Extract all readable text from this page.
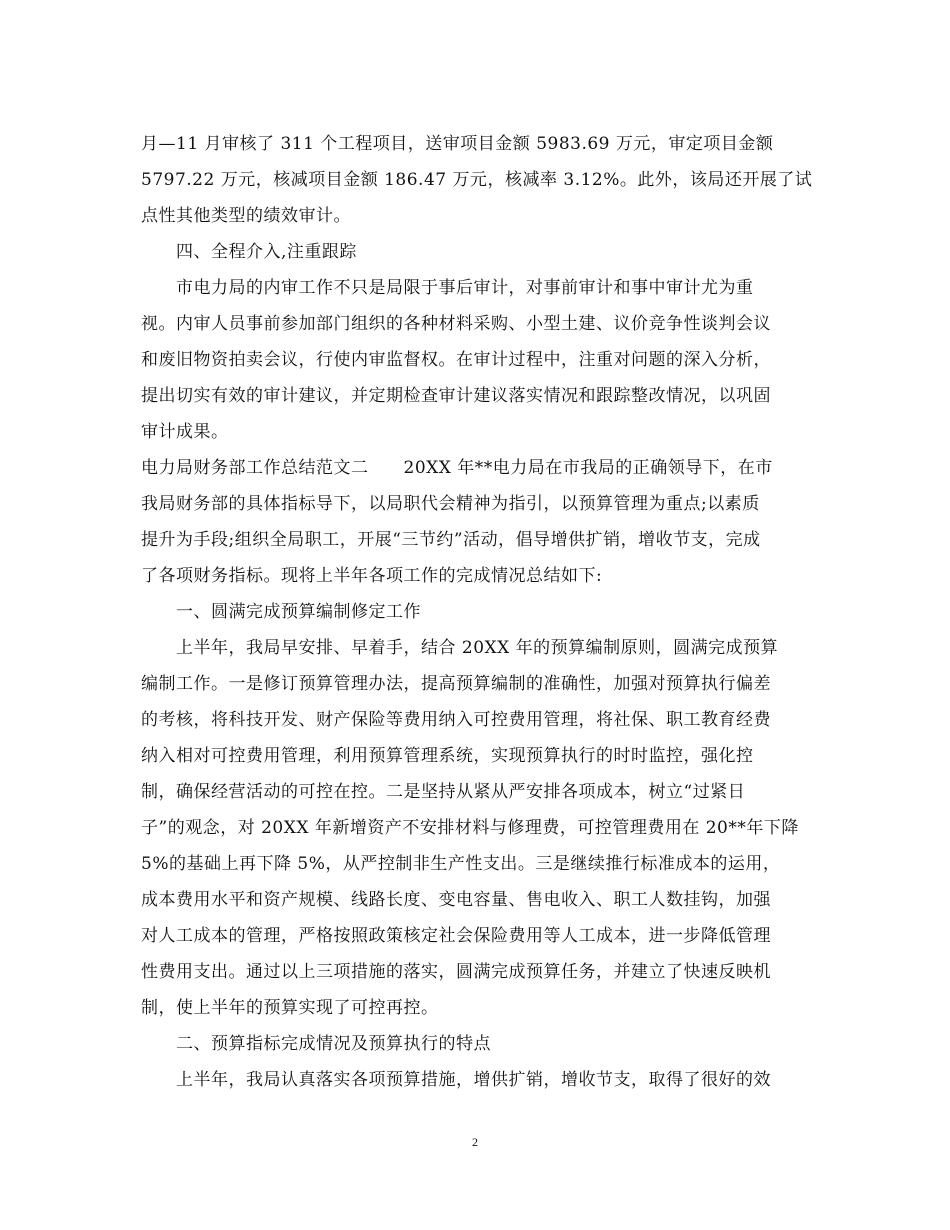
月—11 月审核了 311 个工程项目，送审项目金额 5983.69 万元，审定项目金额
5797.22 万元，核减项目金额 186.47 万元，核减率 3.12%。此外，该局还开展了试
点性其他类型的绩效审计。
四、全程介入,注重跟踪
市电力局的内审工作不只是局限于事后审计，对事前审计和事中审计尤为重
视。内审人员事前参加部门组织的各种材料采购、小型土建、议价竞争性谈判会议
和废旧物资拍卖会议，行使内审监督权。在审计过程中，注重对问题的深入分析，
提出切实有效的审计建议，并定期检查审计建议落实情况和跟踪整改情况，以巩固
审计成果。
电力局财务部工作总结范文二　　20XX 年**电力局在市我局的正确领导下，在市
我局财务部的具体指标导下，以局职代会精神为指引，以预算管理为重点;以素质
提升为手段;组织全局职工，开展“三节约”活动，倡导增供扩销，增收节支，完成
了各项财务指标。现将上半年各项工作的完成情况总结如下:
一、圆满完成预算编制修定工作
上半年，我局早安排、早着手，结合 20XX 年的预算编制原则，圆满完成预算
编制工作。一是修订预算管理办法，提高预算编制的准确性，加强对预算执行偏差
的考核，将科技开发、财产保险等费用纳入可控费用管理，将社保、职工教育经费
纳入相对可控费用管理，利用预算管理系统，实现预算执行的时时监控，强化控
制，确保经营活动的可控在控。二是坚持从紧从严安排各项成本，树立“过紧日
子”的观念，对 20XX 年新增资产不安排材料与修理费，可控管理费用在 20**年下降
5%的基础上再下降 5%，从严控制非生产性支出。三是继续推行标准成本的运用，
成本费用水平和资产规模、线路长度、变电容量、售电收入、职工人数挂钩，加强
对人工成本的管理，严格按照政策核定社会保险费用等人工成本，进一步降低管理
性费用支出。通过以上三项措施的落实，圆满完成预算任务，并建立了快速反映机
制，使上半年的预算实现了可控再控。
二、预算指标完成情况及预算执行的特点
上半年，我局认真落实各项预算措施，增供扩销，增收节支，取得了很好的效
2
